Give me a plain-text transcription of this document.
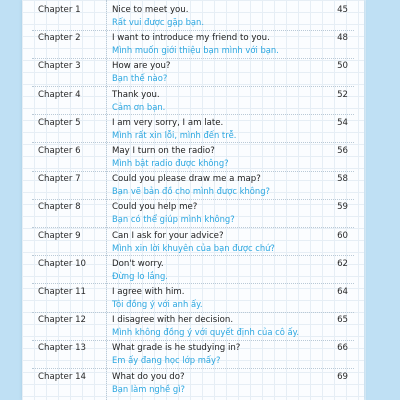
Chapter 1	Nice to meet you.
Rất vui được gặp bạn.
45
Chapter 2	I want to introduce my friend to you.
Mình muốn giới thiệu bạn mình với bạn.
48
Chapter 3	How are you?
Bạn thế nào?
50
Chapter 4	Thank you.
Cảm ơn bạn.
52
Chapter 5	I am very sorry, I am late.
Mình rất xin lỗi, mình đến trễ.
54
Chapter 6	May I turn on the radio?
Mình bật radio được không?
56
Chapter 7	Could you please draw me a map?
Bạn vẽ bản đồ cho mình được không?
58
Chapter 8	Could you help me?
Bạn có thể giúp mình không?
59
Chapter 9	Can I ask for your advice?
Mình xin lời khuyên của bạn được chứ?
60
Chapter 10	Don't worry.
Đừng lo lắng.
62
Chapter 11	I agree with him.
Tôi đồng ý với anh ấy.
64
Chapter 12	I disagree with her decision.
Mình không đồng ý với quyết định của cô ấy.
65
Chapter 13	What grade is he studying in?
Em ấy đang học lớp mấy?
66
Chapter 14	What do you do?
Bạn làm nghề gì?
69
